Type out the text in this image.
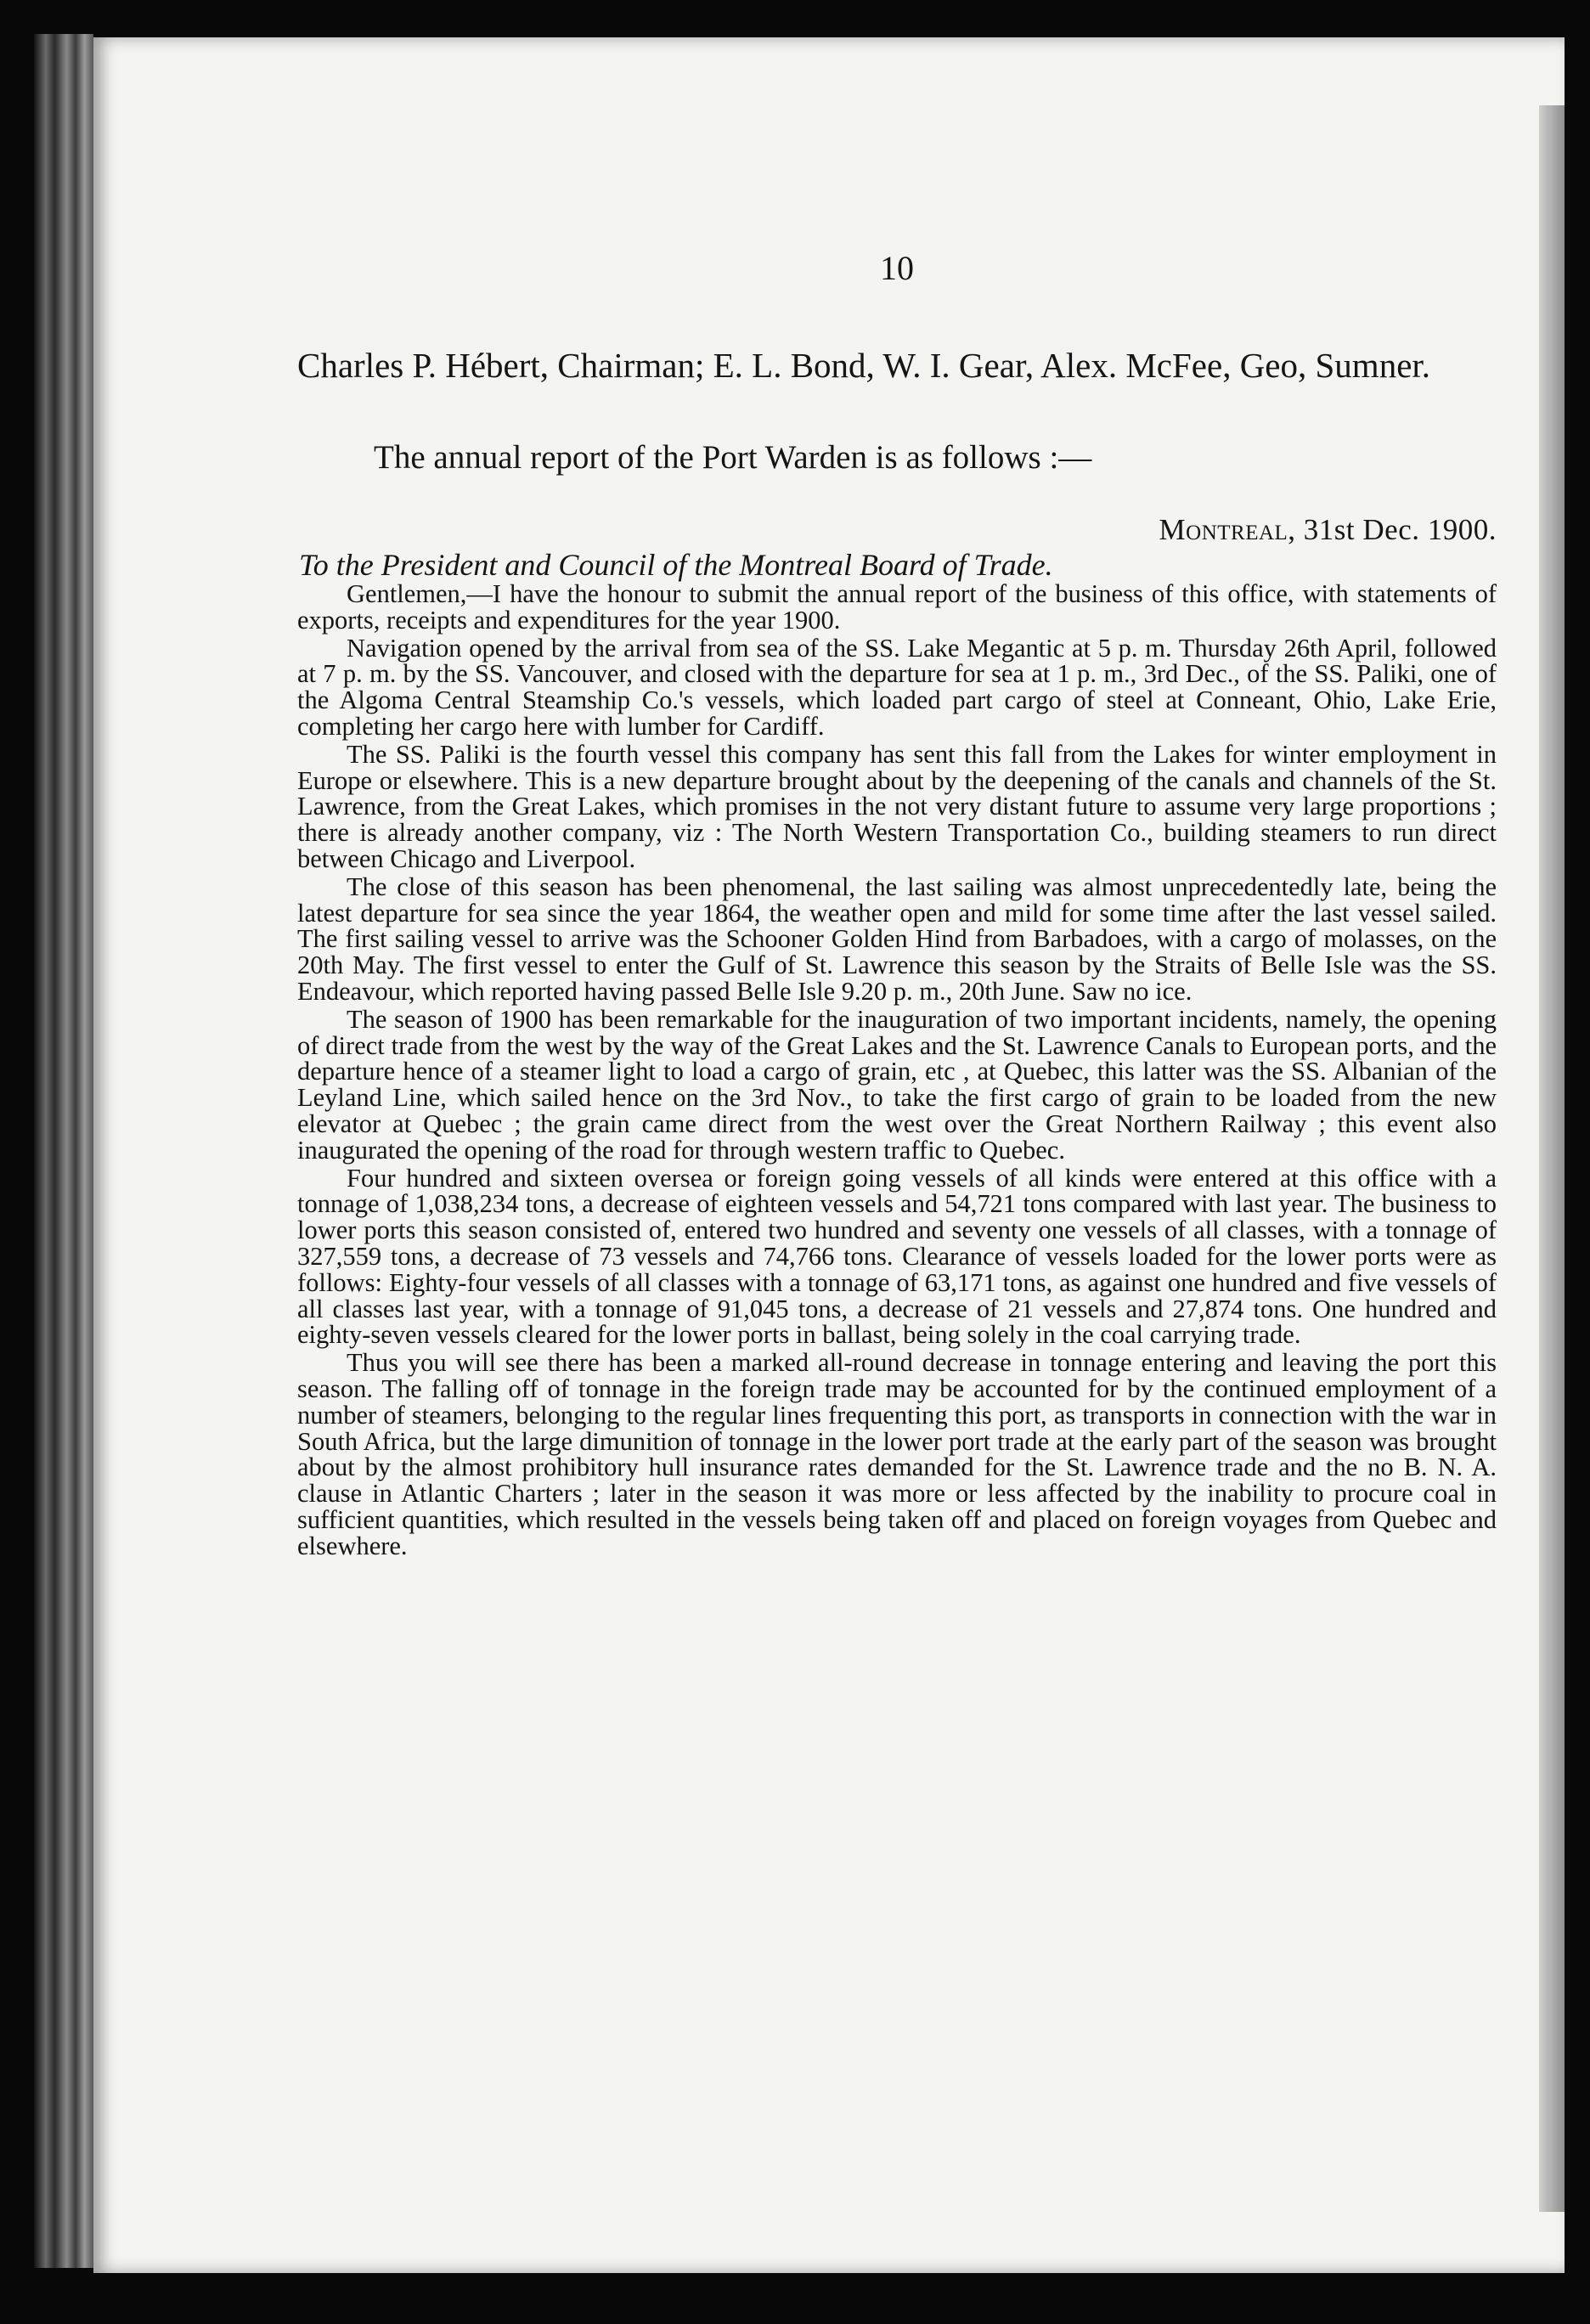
10
Charles P. Hébert, Chairman; E. L. Bond, W. I. Gear, Alex. McFee, Geo, Sumner.
The annual report of the Port Warden is as follows :—
Montreal, 31st Dec. 1900.
To the President and Council of the Montreal Board of Trade.

Gentlemen,—I have the honour to submit the annual report of the business of this office, with statements of exports, receipts and expenditures for the year 1900.

Navigation opened by the arrival from sea of the SS. Lake Megantic at 5 p. m. Thursday 26th April, followed at 7 p. m. by the SS. Vancouver, and closed with the departure for sea at 1 p. m., 3rd Dec., of the SS. Paliki, one of the Algoma Central Steamship Co.'s vessels, which loaded part cargo of steel at Conneant, Ohio, Lake Erie, completing her cargo here with lumber for Cardiff.

The SS. Paliki is the fourth vessel this company has sent this fall from the Lakes for winter employment in Europe or elsewhere. This is a new departure brought about by the deepening of the canals and channels of the St. Lawrence, from the Great Lakes, which promises in the not very distant future to assume very large proportions ; there is already another company, viz : The North Western Transportation Co., building steamers to run direct between Chicago and Liverpool.

The close of this season has been phenomenal, the last sailing was almost unprecedentedly late, being the latest departure for sea since the year 1864, the weather open and mild for some time after the last vessel sailed. The first sailing vessel to arrive was the Schooner Golden Hind from Barbadoes, with a cargo of molasses, on the 20th May. The first vessel to enter the Gulf of St. Lawrence this season by the Straits of Belle Isle was the SS. Endeavour, which reported having passed Belle Isle 9.20 p. m., 20th June. Saw no ice.

The season of 1900 has been remarkable for the inauguration of two important incidents, namely, the opening of direct trade from the west by the way of the Great Lakes and the St. Lawrence Canals to European ports, and the departure hence of a steamer light to load a cargo of grain, etc , at Quebec, this latter was the SS. Albanian of the Leyland Line, which sailed hence on the 3rd Nov., to take the first cargo of grain to be loaded from the new elevator at Quebec ; the grain came direct from the west over the Great Northern Railway ; this event also inaugurated the opening of the road for through western traffic to Quebec.

Four hundred and sixteen oversea or foreign going vessels of all kinds were entered at this office with a tonnage of 1,038,234 tons, a decrease of eighteen vessels and 54,721 tons compared with last year. The business to lower ports this season consisted of, entered two hundred and seventy one vessels of all classes, with a tonnage of 327,559 tons, a decrease of 73 vessels and 74,766 tons. Clearance of vessels loaded for the lower ports were as follows: Eighty-four vessels of all classes with a tonnage of 63,171 tons, as against one hundred and five vessels of all classes last year, with a tonnage of 91,045 tons, a decrease of 21 vessels and 27,874 tons. One hundred and eighty-seven vessels cleared for the lower ports in ballast, being solely in the coal carrying trade.

Thus you will see there has been a marked all-round decrease in tonnage entering and leaving the port this season. The falling off of tonnage in the foreign trade may be accounted for by the continued employment of a number of steamers, belonging to the regular lines frequenting this port, as transports in connection with the war in South Africa, but the large dimunition of tonnage in the lower port trade at the early part of the season was brought about by the almost prohibitory hull insurance rates demanded for the St. Lawrence trade and the no B. N. A. clause in Atlantic Charters ; later in the season it was more or less affected by the inability to procure coal in sufficient quantities, which resulted in the vessels being taken off and placed on foreign voyages from Quebec and elsewhere.
